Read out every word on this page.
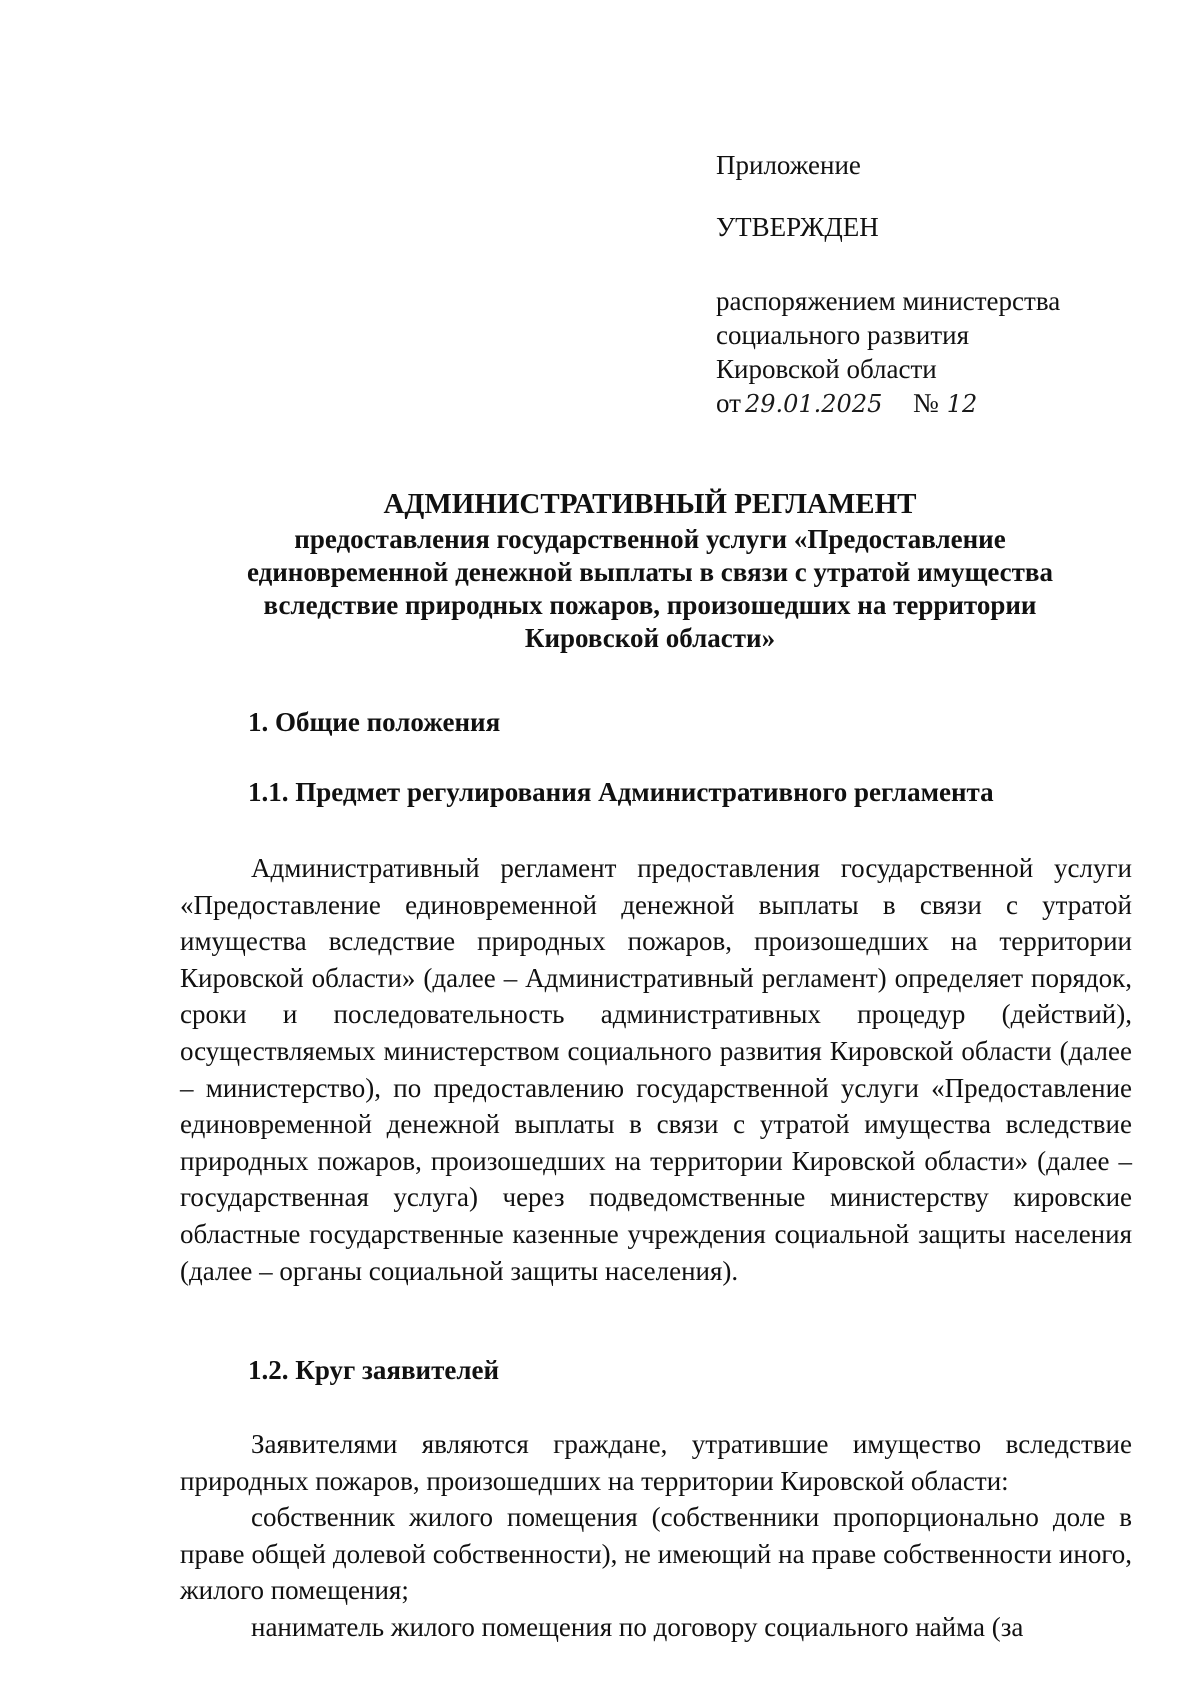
Приложение

УТВЕРЖДЕН

распоряжением министерства

социального развития

Кировской области

от 29.01.2025 № 12

АДМИНИСТРАТИВНЫЙ РЕГЛАМЕНТ
предоставления государственной услуги «Предоставление
единовременной денежной выплаты в связи с утратой имущества
вследствие природных пожаров, произошедших на территории
Кировской области»
1. Общие положения
1.1. Предмет регулирования Административного регламента

Административный регламент предоставления государственной услуги «Предоставление единовременной денежной выплаты в связи с утратой имущества вследствие природных пожаров, произошедших на территории Кировской области» (далее – Административный регламент) определяет порядок, сроки и последовательность административных процедур (действий), осуществляемых министерством социального развития Кировской области (далее – министерство), по предоставлению государственной услуги «Предоставление единовременной денежной выплаты в связи с утратой имущества вследствие природных пожаров, произошедших на территории Кировской области» (далее – государственная услуга) через подведомственные министерству кировские областные государственные казенные учреждения социальной защиты населения (далее – органы социальной защиты населения).

1.2. Круг заявителей
Заявителями являются граждане, утратившие имущество вследствие природных пожаров, произошедших на территории Кировской области:
собственник жилого помещения (собственники пропорционально доле в праве общей долевой собственности), не имеющий на праве собственности иного, жилого помещения;
наниматель жилого помещения по договору социального найма (за
